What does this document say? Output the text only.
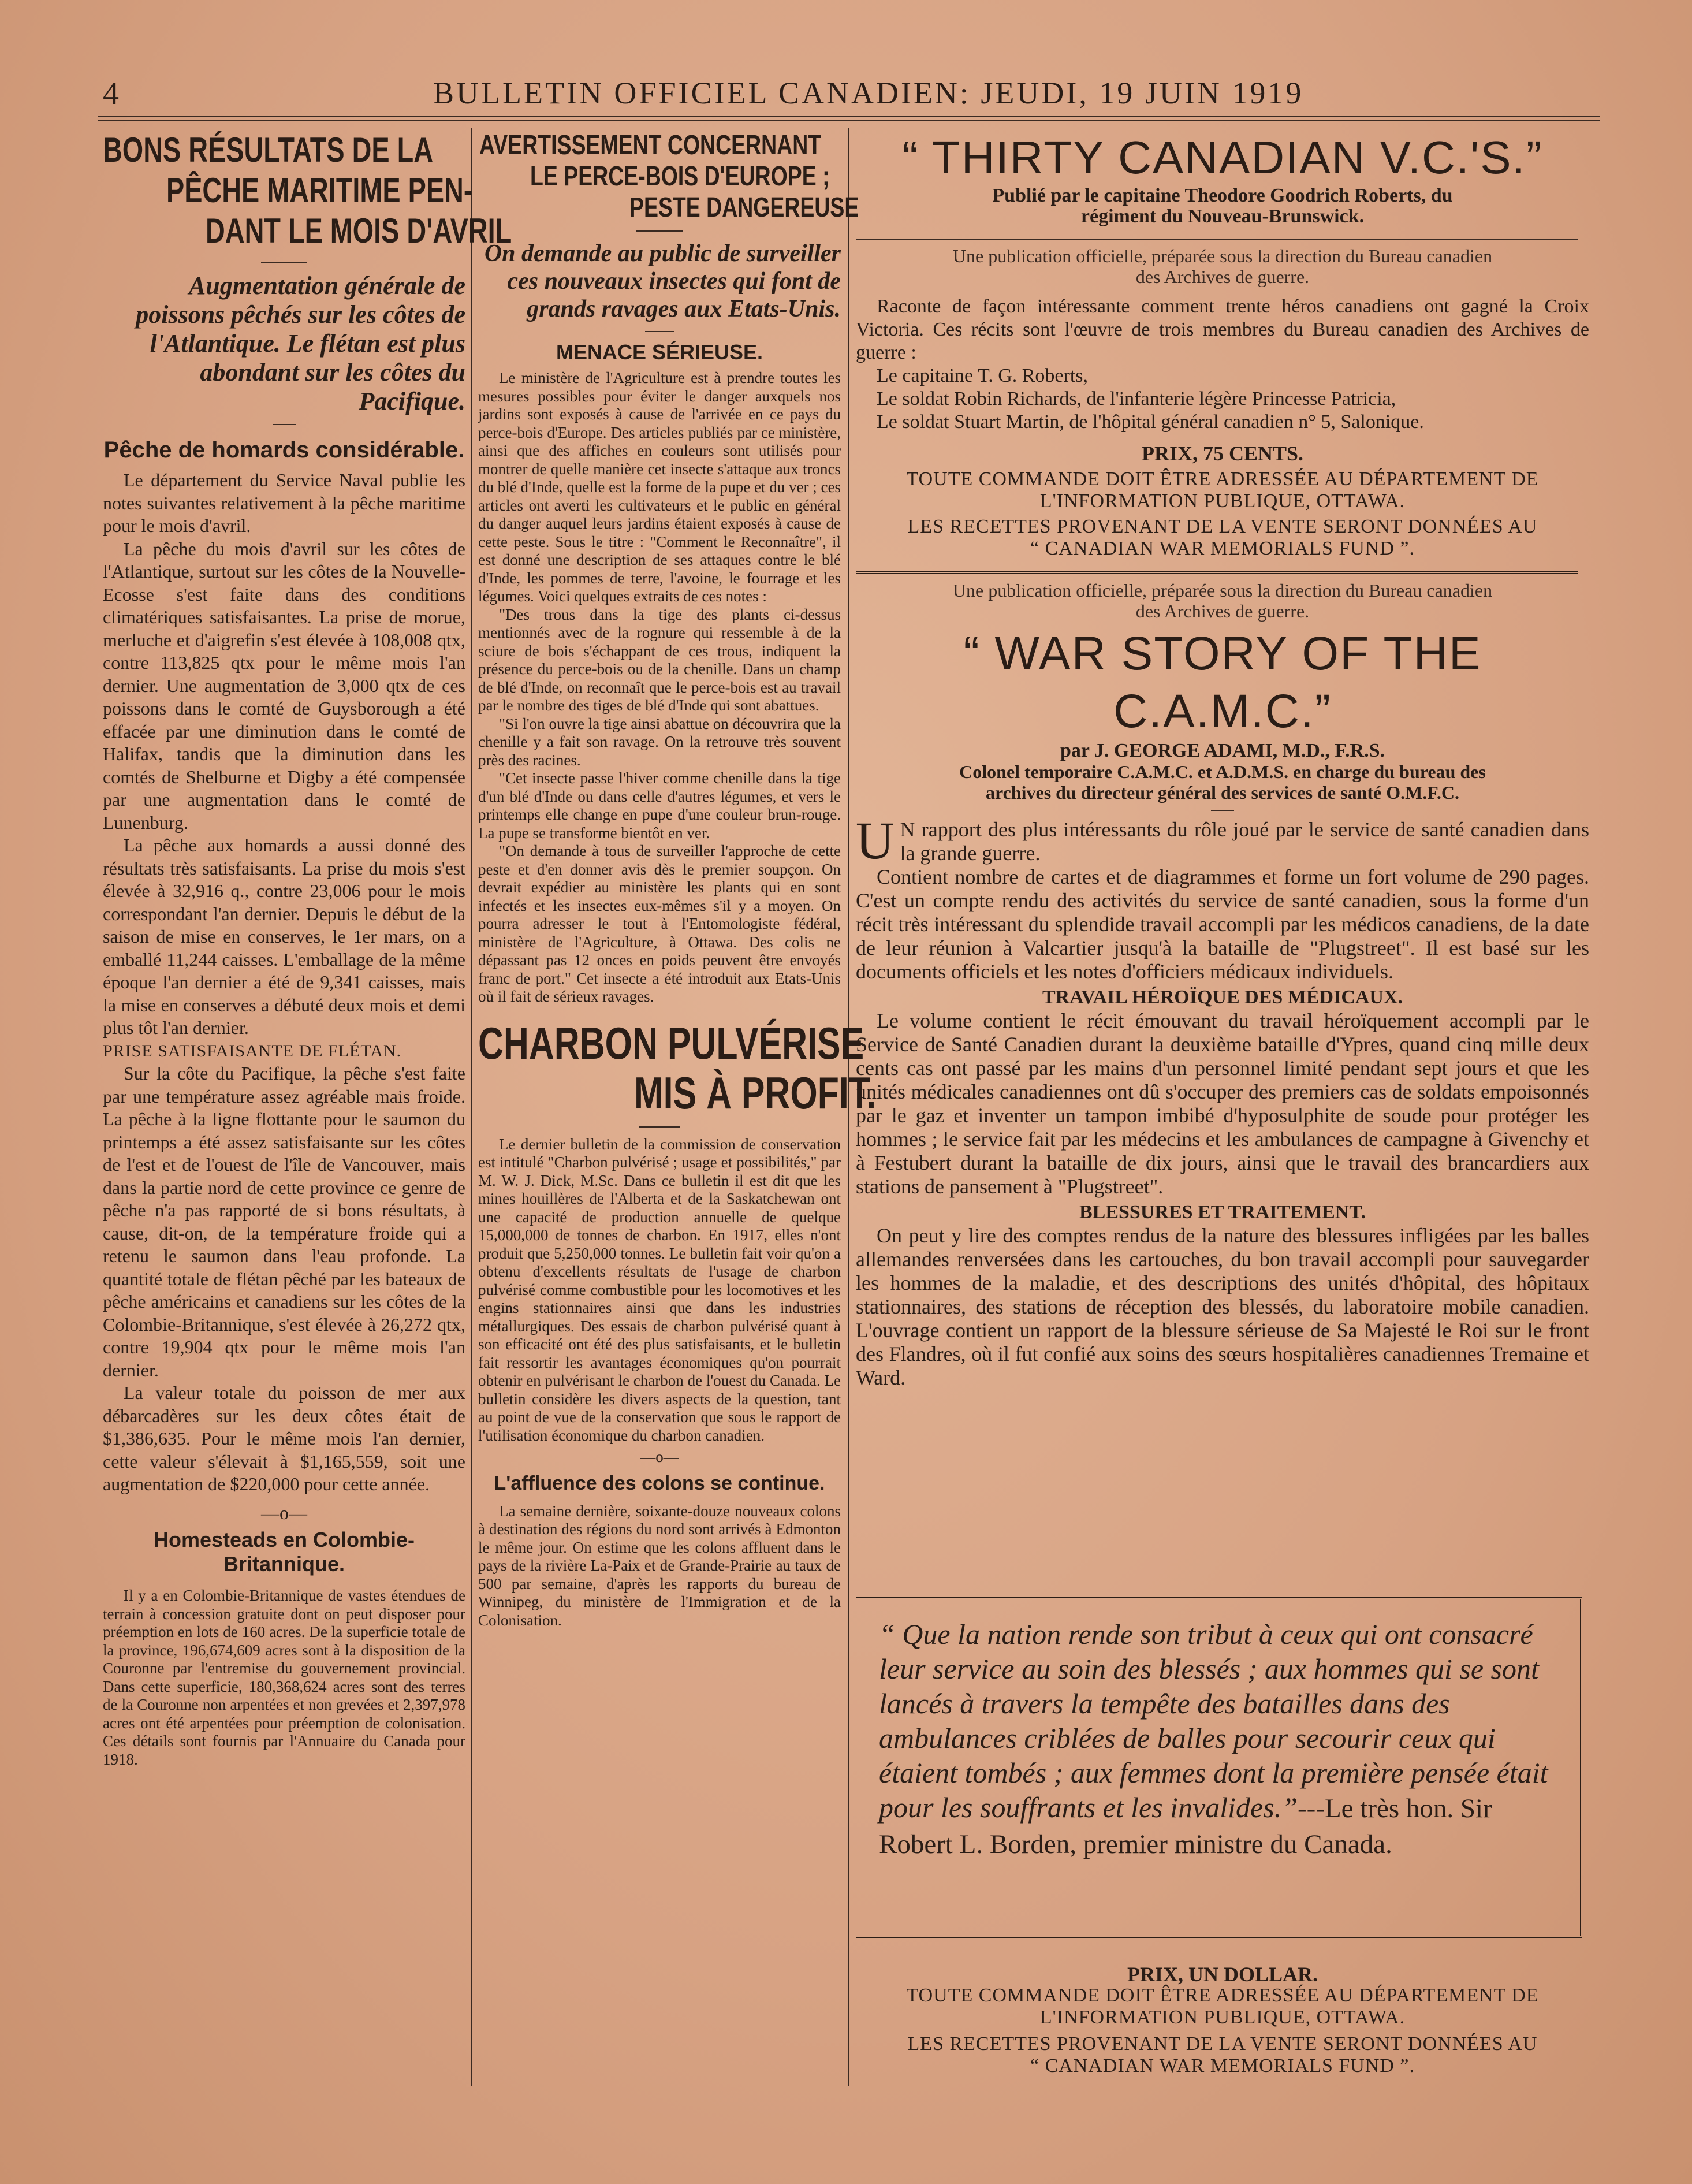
4	BULLETIN OFFICIEL CANADIEN: JEUDI, 19 JUIN 1919
BONS RÉSULTATS DE LA
PÊCHE MARITIME PEN-
DANT LE MOIS D'AVRIL

Augmentation générale de poissons pêchés sur les côtes de l'Atlantique. Le flétan est plus abondant sur les côtes du Pacifique.

Pêche de homards considérable.

Le département du Service Naval publie les notes suivantes relativement à la pêche maritime pour le mois d'avril.

La pêche du mois d'avril sur les côtes de l'Atlantique, surtout sur les côtes de la Nouvelle-Ecosse s'est faite dans des conditions climatériques satisfaisantes. La prise de morue, merluche et d'aigrefin s'est élevée à 108,008 qtx, contre 113,825 qtx pour le même mois l'an dernier. Une augmentation de 3,000 qtx de ces poissons dans le comté de Guysborough a été effacée par une diminution dans le comté de Halifax, tandis que la diminution dans les comtés de Shelburne et Digby a été compensée par une augmentation dans le comté de Lunenburg.

La pêche aux homards a aussi donné des résultats très satisfaisants. La prise du mois s'est élevée à 32,916 q., contre 23,006 pour le mois correspondant l'an dernier. Depuis le début de la saison de mise en conserves, le 1er mars, on a emballé 11,244 caisses. L'emballage de la même époque l'an dernier a été de 9,341 caisses, mais la mise en conserves a débuté deux mois et demi plus tôt l'an dernier.

PRISE SATISFAISANTE DE FLÉTAN.

Sur la côte du Pacifique, la pêche s'est faite par une température assez agréable mais froide. La pêche à la ligne flottante pour le saumon du printemps a été assez satisfaisante sur les côtes de l'est et de l'ouest de l'île de Vancouver, mais dans la partie nord de cette province ce genre de pêche n'a pas rapporté de si bons résultats, à cause, dit-on, de la température froide qui a retenu le saumon dans l'eau profonde. La quantité totale de flétan pêché par les bateaux de pêche américains et canadiens sur les côtes de la Colombie-Britannique, s'est élevée à 26,272 qtx, contre 19,904 qtx pour le même mois l'an dernier.

La valeur totale du poisson de mer aux débarcadères sur les deux côtes était de $1,386,635. Pour le même mois l'an dernier, cette valeur s'élevait à $1,165,559, soit une augmentation de $220,000 pour cette année.

—o—

Homesteads en Colombie-Britannique.

Il y a en Colombie-Britannique de vastes étendues de terrain à concession gratuite dont on peut disposer pour préemption en lots de 160 acres. De la superficie totale de la province, 196,674,609 acres sont à la disposition de la Couronne par l'entremise du gouvernement provincial. Dans cette superficie, 180,368,624 acres sont des terres de la Couronne non arpentées et non grevées et 2,397,978 acres ont été arpentées pour préemption de colonisation. Ces détails sont fournis par l'Annuaire du Canada pour 1918.

AVERTISSEMENT CONCERNANT
LE PERCE-BOIS D'EUROPE ;
PESTE DANGEREUSE

On demande au public de surveiller ces nouveaux insectes qui font de grands ravages aux Etats-Unis.

MENACE SÉRIEUSE.

Le ministère de l'Agriculture est à prendre toutes les mesures possibles pour éviter le danger auxquels nos jardins sont exposés à cause de l'arrivée en ce pays du perce-bois d'Europe. Des articles publiés par ce ministère, ainsi que des affiches en couleurs sont utilisés pour montrer de quelle manière cet insecte s'attaque aux troncs du blé d'Inde, quelle est la forme de la pupe et du ver ; ces articles ont averti les cultivateurs et le public en général du danger auquel leurs jardins étaient exposés à cause de cette peste. Sous le titre : "Comment le Reconnaître", il est donné une description de ses attaques contre le blé d'Inde, les pommes de terre, l'avoine, le fourrage et les légumes. Voici quelques extraits de ces notes :

"Des trous dans la tige des plants ci-dessus mentionnés avec de la rognure qui ressemble à de la sciure de bois s'échappant de ces trous, indiquent la présence du perce-bois ou de la chenille. Dans un champ de blé d'Inde, on reconnaît que le perce-bois est au travail par le nombre des tiges de blé d'Inde qui sont abattues.

"Si l'on ouvre la tige ainsi abattue on découvrira que la chenille y a fait son ravage. On la retrouve très souvent près des racines.

"Cet insecte passe l'hiver comme chenille dans la tige d'un blé d'Inde ou dans celle d'autres légumes, et vers le printemps elle change en pupe d'une couleur brun-rouge. La pupe se transforme bientôt en ver.

"On demande à tous de surveiller l'approche de cette peste et d'en donner avis dès le premier soupçon. On devrait expédier au ministère les plants qui en sont infectés et les insectes eux-mêmes s'il y a moyen. On pourra adresser le tout à l'Entomologiste fédéral, ministère de l'Agriculture, à Ottawa. Des colis ne dépassant pas 12 onces en poids peuvent être envoyés franc de port." Cet insecte a été introduit aux Etats-Unis où il fait de sérieux ravages.

CHARBON PULVÉRISE
MIS À PROFIT.

Le dernier bulletin de la commission de conservation est intitulé "Charbon pulvérisé ; usage et possibilités," par M. W. J. Dick, M.Sc. Dans ce bulletin il est dit que les mines houillères de l'Alberta et de la Saskatchewan ont une capacité de production annuelle de quelque 15,000,000 de tonnes de charbon. En 1917, elles n'ont produit que 5,250,000 tonnes. Le bulletin fait voir qu'on a obtenu d'excellents résultats de l'usage de charbon pulvérisé comme combustible pour les locomotives et les engins stationnaires ainsi que dans les industries métallurgiques. Des essais de charbon pulvérisé quant à son efficacité ont été des plus satisfaisants, et le bulletin fait ressortir les avantages économiques qu'on pourrait obtenir en pulvérisant le charbon de l'ouest du Canada. Le bulletin considère les divers aspects de la question, tant au point de vue de la conservation que sous le rapport de l'utilisation économique du charbon canadien.

—o—

L'affluence des colons se continue.

La semaine dernière, soixante-douze nouveaux colons à destination des régions du nord sont arrivés à Edmonton le même jour. On estime que les colons affluent dans le pays de la rivière La-Paix et de Grande-Prairie au taux de 500 par semaine, d'après les rapports du bureau de Winnipeg, du ministère de l'Immigration et de la Colonisation.

“ THIRTY CANADIAN V.C.'S.”

Publié par le capitaine Theodore Goodrich Roberts, du

régiment du Nouveau-Brunswick.

Une publication officielle, préparée sous la direction du Bureau canadien

des Archives de guerre.

Raconte de façon intéressante comment trente héros canadiens ont gagné la Croix Victoria. Ces récits sont l'œuvre de trois membres du Bureau canadien des Archives de guerre :

Le capitaine T. G. Roberts,

Le soldat Robin Richards, de l'infanterie légère Princesse Patricia,

Le soldat Stuart Martin, de l'hôpital général canadien n° 5, Salonique.

PRIX, 75 CENTS.

TOUTE COMMANDE DOIT ÊTRE ADRESSÉE AU DÉPARTEMENT DE

L'INFORMATION PUBLIQUE, OTTAWA.

LES RECETTES PROVENANT DE LA VENTE SERONT DONNÉES AU

“ CANADIAN WAR MEMORIALS FUND ”.

Une publication officielle, préparée sous la direction du Bureau canadien

des Archives de guerre.

“ WAR STORY OF THE C.A.M.C.”

par J. GEORGE ADAMI, M.D., F.R.S.

Colonel temporaire C.A.M.C. et A.D.M.S. en charge du bureau des

archives du directeur général des services de santé O.M.F.C.

U N rapport des plus intéressants du rôle joué par le service de santé canadien dans la grande guerre.

Contient nombre de cartes et de diagrammes et forme un fort volume de 290 pages. C'est un compte rendu des activités du service de santé canadien, sous la forme d'un récit très intéressant du splendide travail accompli par les médicos canadiens, de la date de leur réunion à Valcartier jusqu'à la bataille de "Plugstreet". Il est basé sur les documents officiels et les notes d'officiers médicaux individuels.

TRAVAIL HÉROÏQUE DES MÉDICAUX.

Le volume contient le récit émouvant du travail héroïquement accompli par le Service de Santé Canadien durant la deuxième bataille d'Ypres, quand cinq mille deux cents cas ont passé par les mains d'un personnel limité pendant sept jours et que les unités médicales canadiennes ont dû s'occuper des premiers cas de soldats empoisonnés par le gaz et inventer un tampon imbibé d'hyposulphite de soude pour protéger les hommes ; le service fait par les médecins et les ambulances de campagne à Givenchy et à Festubert durant la bataille de dix jours, ainsi que le travail des brancardiers aux stations de pansement à "Plugstreet".

BLESSURES ET TRAITEMENT.

On peut y lire des comptes rendus de la nature des blessures infligées par les balles allemandes renversées dans les cartouches, du bon travail accompli pour sauvegarder les hommes de la maladie, et des descriptions des unités d'hôpital, des hôpitaux stationnaires, des stations de réception des blessés, du laboratoire mobile canadien. L'ouvrage contient un rapport de la blessure sérieuse de Sa Majesté le Roi sur le front des Flandres, où il fut confié aux soins des sœurs hospitalières canadiennes Tremaine et Ward.

“ Que la nation rende son tribut à ceux qui ont consacré leur service au soin des blessés ; aux hommes qui se sont lancés à travers la tempête des batailles dans des ambulances criblées de balles pour secourir ceux qui étaient tombés ; aux femmes dont la première pensée était pour les souffrants et les invalides.”---Le très hon. Sir Robert L. Borden, premier ministre du Canada.

PRIX, UN DOLLAR.

TOUTE COMMANDE DOIT ÊTRE ADRESSÉE AU DÉPARTEMENT DE

L'INFORMATION PUBLIQUE, OTTAWA.

LES RECETTES PROVENANT DE LA VENTE SERONT DONNÉES AU

“ CANADIAN WAR MEMORIALS FUND ”.
